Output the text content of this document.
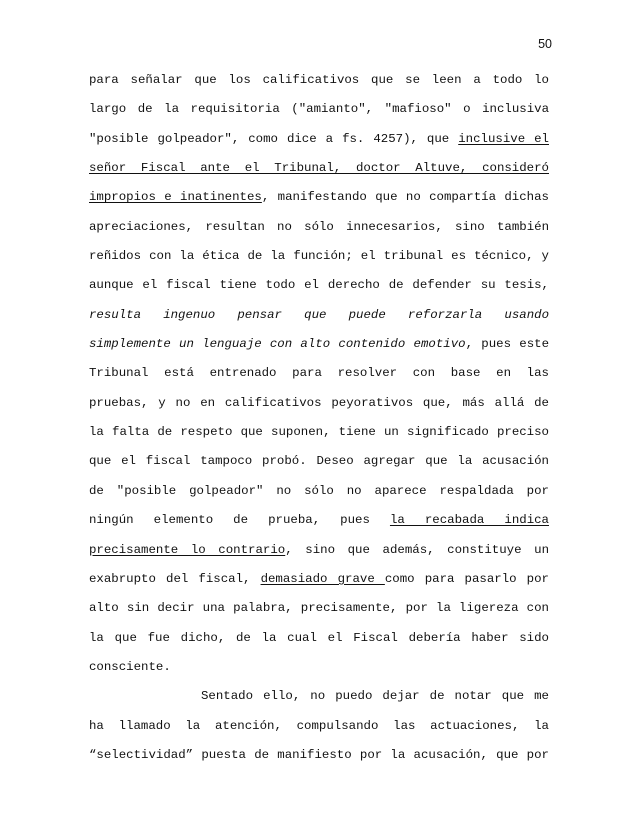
50
para señalar que los calificativos que se leen a todo lo
largo de la requisitoria ("amianto", "mafioso" o inclusiva
"posible golpeador", como dice a fs. 4257), que inclusive el
señor Fiscal ante el Tribunal, doctor Altuve, consideró
impropios e inatinentes, manifestando que no compartía dichas
apreciaciones, resultan no sólo innecesarios, sino también
reñidos con la ética de la función; el tribunal es técnico, y
aunque el fiscal tiene todo el derecho de defender su tesis,
resulta ingenuo pensar que puede reforzarla usando
simplemente un lenguaje con alto contenido emotivo, pues este
Tribunal está entrenado para resolver con base en las
pruebas, y no en calificativos peyorativos que, más allá de
la falta de respeto que suponen, tiene un significado preciso
que el fiscal tampoco probó. Deseo agregar que la acusación
de "posible golpeador" no sólo no aparece respaldada por
ningún elemento de prueba, pues la recabada indica
precisamente lo contrario, sino que además, constituye un
exabrupto del fiscal, demasiado grave como para pasarlo por
alto sin decir una palabra, precisamente, por la ligereza con
la que fue dicho, de la cual el Fiscal debería haber sido
consciente.
Sentado ello, no puedo dejar de notar que me
ha llamado la atención, compulsando las actuaciones, la
“selectividad” puesta de manifiesto por la acusación, que por
